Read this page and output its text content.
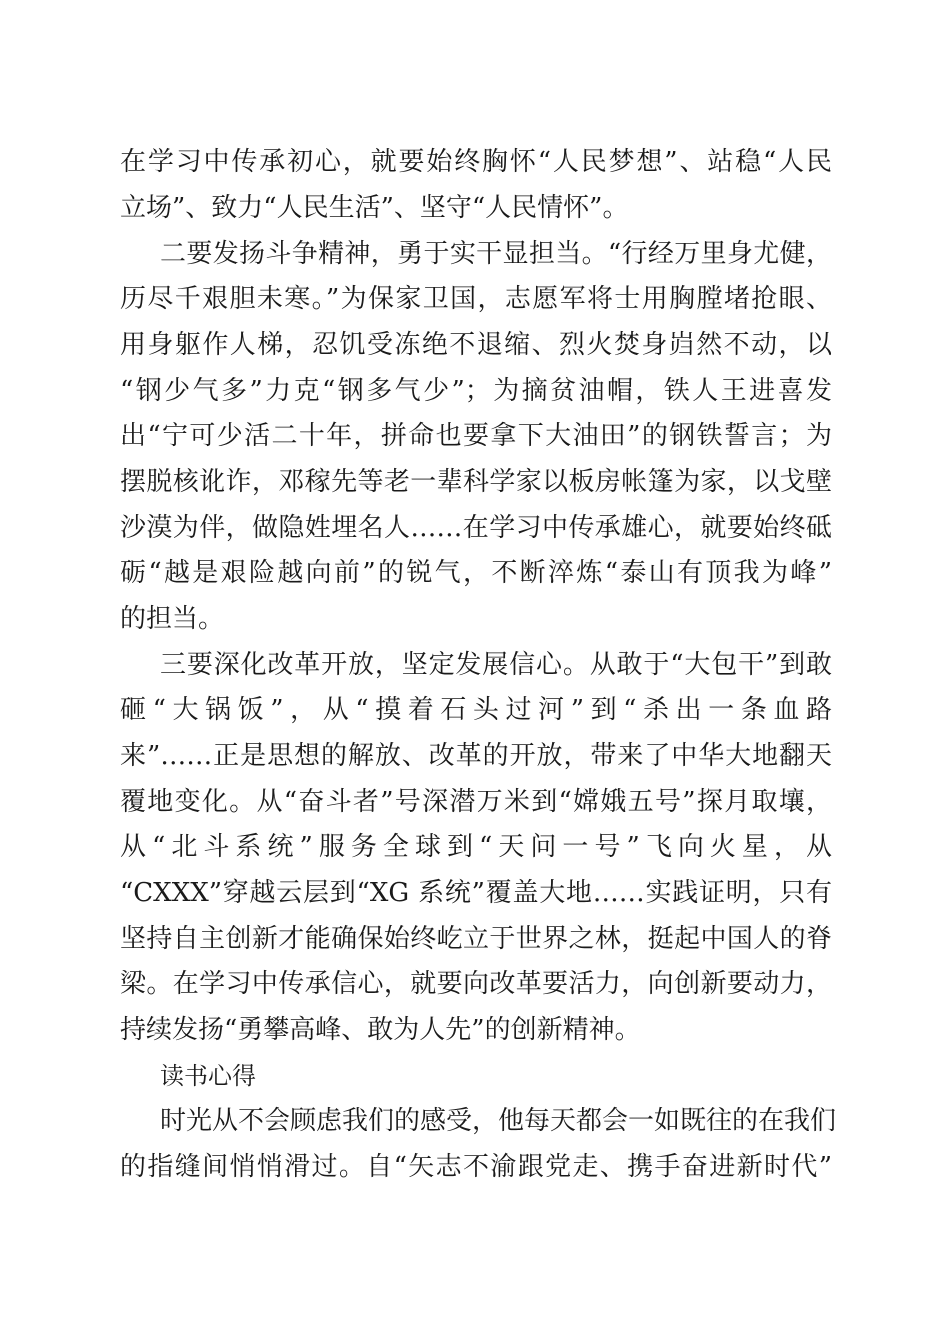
在学习中传承初心，就要始终胸怀“人民梦想”、站稳“人民
立场”、致力“人民生活”、坚守“人民情怀”。
二要发扬斗争精神，勇于实干显担当。“行经万里身尤健，
历尽千艰胆未寒。”为保家卫国，志愿军将士用胸膛堵抢眼、
用身躯作人梯，忍饥受冻绝不退缩、烈火焚身岿然不动，以
“钢少气多”力克“钢多气少”；为摘贫油帽，铁人王进喜发
出“宁可少活二十年，拼命也要拿下大油田”的钢铁誓言；为
摆脱核讹诈，邓稼先等老一辈科学家以板房帐篷为家，以戈壁
沙漠为伴，做隐姓埋名人……在学习中传承雄心，就要始终砥
砺“越是艰险越向前”的锐气，不断淬炼“泰山有顶我为峰”
的担当。
三要深化改革开放，坚定发展信心。从敢于“大包干”到敢
砸“大锅饭”，从“摸着石头过河”到“杀出一条血路
来”……正是思想的解放、改革的开放，带来了中华大地翻天
覆地变化。从“奋斗者”号深潜万米到“嫦娥五号”探月取壤，
从“北斗系统”服务全球到“天问一号”飞向火星，从
“CXXX”穿越云层到“XG 系统”覆盖大地……实践证明，只有
坚持自主创新才能确保始终屹立于世界之林，挺起中国人的脊
梁。在学习中传承信心，就要向改革要活力，向创新要动力，
持续发扬“勇攀高峰、敢为人先”的创新精神。
读书心得
时光从不会顾虑我们的感受，他每天都会一如既往的在我们
的指缝间悄悄滑过。自“矢志不渝跟党走、携手奋进新时代”
